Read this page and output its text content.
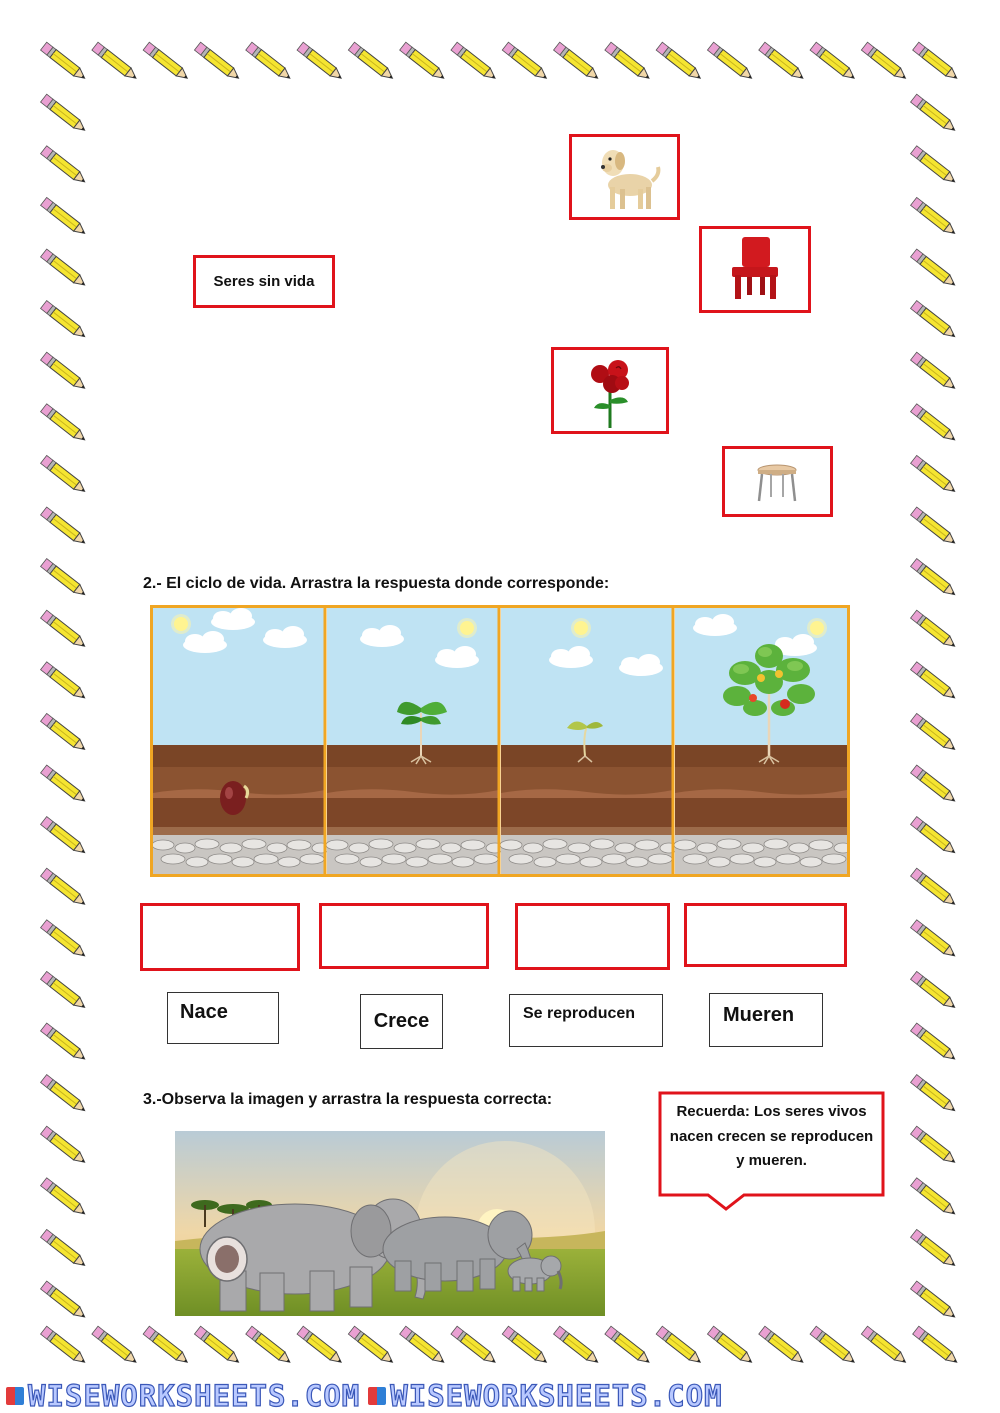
Seres sin vida
2.- El ciclo de vida. Arrastra la respuesta donde corresponde:
Nace	Crece	Se reproducen	Mueren
3.-Observa la imagen y arrastra la respuesta correcta:
Recuerda: Los seres vivos nacen crecen se reproducen y mueren.
WISEWORKSHEETS.COM WISEWORKSHEETS.COM
